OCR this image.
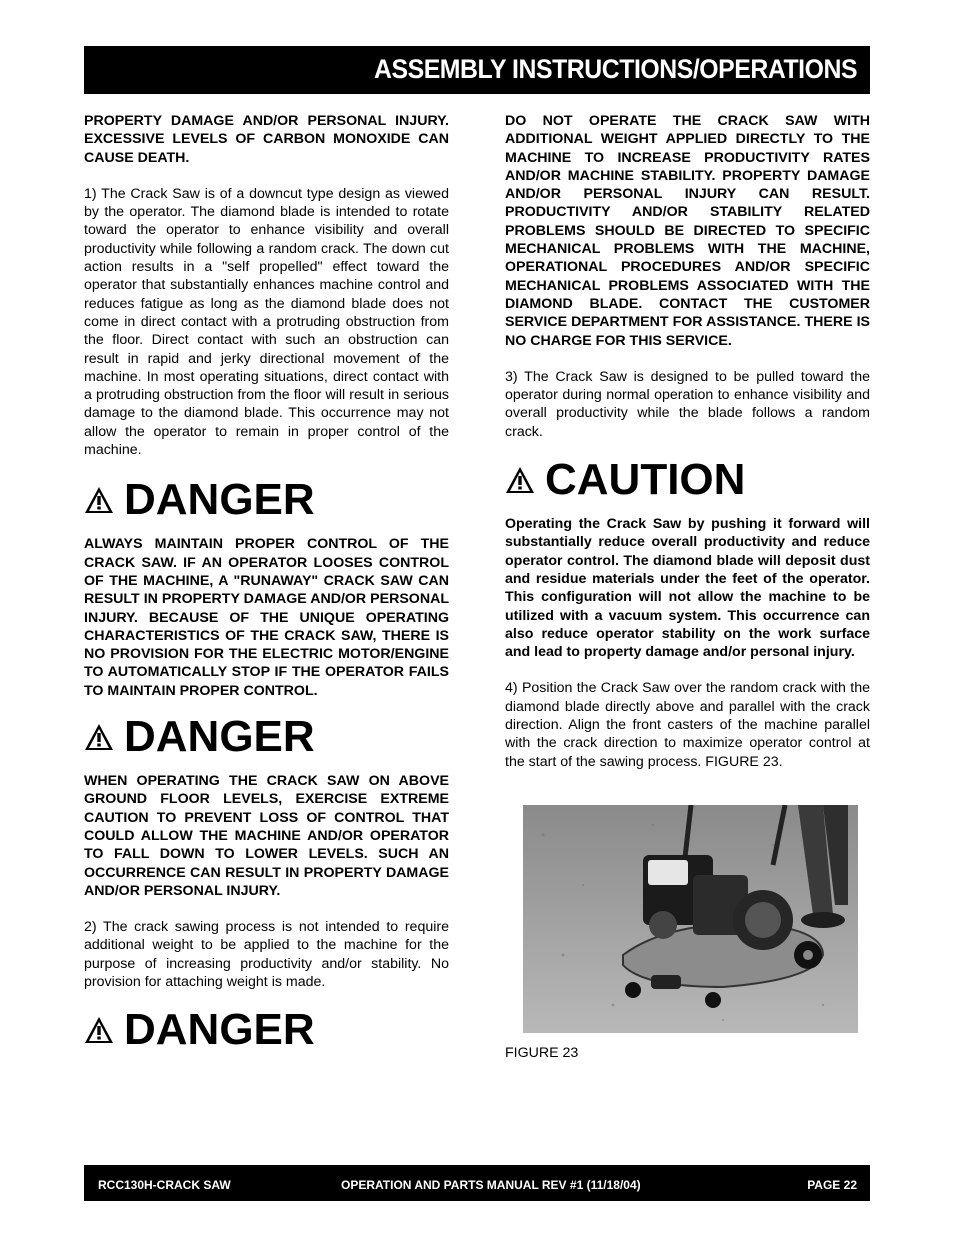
ASSEMBLY INSTRUCTIONS/OPERATIONS

PROPERTY DAMAGE AND/OR PERSONAL INJURY. EXCESSIVE LEVELS OF CARBON MONOXIDE CAN CAUSE DEATH.

1) The Crack Saw is of a downcut type design as viewed by the operator. The diamond blade is intended to rotate toward the operator to enhance visibility and overall productivity while following a random crack. The down cut action results in a "self propelled" effect toward the operator that substantially enhances machine control and reduces fatigue as long as the diamond blade does not come in direct contact with a protruding obstruction from the floor. Direct contact with such an obstruction can result in rapid and jerky directional movement of the machine. In most operating situations, direct contact with a protruding obstruction from the floor will result in serious damage to the diamond blade. This occurrence may not allow the operator to remain in proper control of the machine.

DANGER

ALWAYS MAINTAIN PROPER CONTROL OF THE CRACK SAW. IF AN OPERATOR LOOSES CONTROL OF THE MACHINE, A "RUNAWAY" CRACK SAW CAN RESULT IN PROPERTY DAMAGE AND/OR PERSONAL INJURY. BECAUSE OF THE UNIQUE OPERATING CHARACTERISTICS OF THE CRACK SAW, THERE IS NO PROVISION FOR THE ELECTRIC MOTOR/ENGINE TO AUTOMATICALLY STOP IF THE OPERATOR FAILS TO MAINTAIN PROPER CONTROL.

DANGER

WHEN OPERATING THE CRACK SAW ON ABOVE GROUND FLOOR LEVELS, EXERCISE EXTREME CAUTION TO PREVENT LOSS OF CONTROL THAT COULD ALLOW THE MACHINE AND/OR OPERATOR TO FALL DOWN TO LOWER LEVELS. SUCH AN OCCURRENCE CAN RESULT IN PROPERTY DAMAGE AND/OR PERSONAL INJURY.

2) The crack sawing process is not intended to require additional weight to be applied to the machine for the purpose of increasing productivity and/or stability. No provision for attaching weight is made.

DANGER

DO NOT OPERATE THE CRACK SAW WITH ADDITIONAL WEIGHT APPLIED DIRECTLY TO THE MACHINE TO INCREASE PRODUCTIVITY RATES AND/OR MACHINE STABILITY. PROPERTY DAMAGE AND/OR PERSONAL INJURY CAN RESULT. PRODUCTIVITY AND/OR STABILITY RELATED PROBLEMS SHOULD BE DIRECTED TO SPECIFIC MECHANICAL PROBLEMS WITH THE MACHINE, OPERATIONAL PROCEDURES AND/OR SPECIFIC MECHANICAL PROBLEMS ASSOCIATED WITH THE DIAMOND BLADE. CONTACT THE CUSTOMER SERVICE DEPARTMENT FOR ASSISTANCE. THERE IS NO CHARGE FOR THIS SERVICE.

3) The Crack Saw is designed to be pulled toward the operator during normal operation to enhance visibility and overall productivity while the blade follows a random crack.

CAUTION

Operating the Crack Saw by pushing it forward will substantially reduce overall productivity and reduce operator control. The diamond blade will deposit dust and residue materials under the feet of the operator. This configuration will not allow the machine to be utilized with a vacuum system. This occurrence can also reduce operator stability on the work surface and lead to property damage and/or personal injury.

4) Position the Crack Saw over the random crack with the diamond blade directly above and parallel with the crack direction. Align the front casters of the machine parallel with the crack direction to maximize operator control at the start of the sawing process. FIGURE 23.

FIGURE 23
RCC130H-CRACK SAW	OPERATION AND PARTS MANUAL REV #1 (11/18/04)	PAGE 22
